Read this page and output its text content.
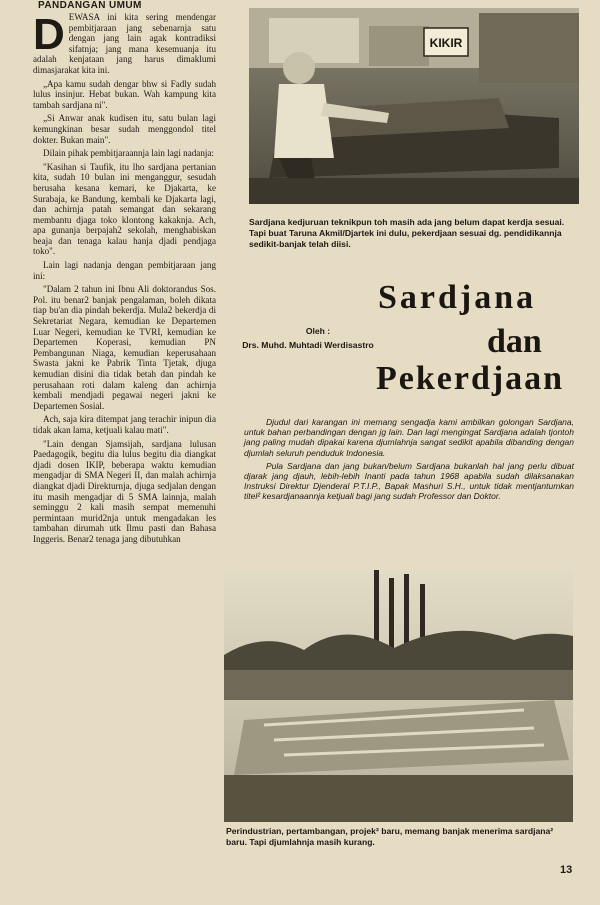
PANDANGAN UMUM
D EWASA ini kita sering mendengar pembitjaraan jang sebenarnja satu dengan jang lain agak kontradiksi sifatnja; jang mana kesemuanja itu adalah kenjataan jang harus dimaklumi dimasjarakat kita ini.

„Apa kamu sudah dengar bhw si Fadly sudah lulus insinjur. Hebat bukan. Wah kampung kita tambah sardjana ni".

„Si Anwar anak kudisen itu, satu bulan lagi kemungkinan besar sudah menggondol titel dokter. Bukan main".

Dilain pihak pembitjaraannja lain lagi nadanja:

"Kasihan si Taufik, itu lho sardjana pertanian kita, sudah 10 bulan ini menganggur, sesudah berusaha kesana kemari, ke Djakarta, ke Surabaja, ke Bandung, kembali ke Djakarta lagi, dan achirnja patah semangat dan sekarang membantu djaga toko klontong kakaknja. Ach, apa gunanja berpajah2 sekolah, menghabiskan beaja dan tenaga kalau hanja djadi pendjaga toko".

Lain lagi nadanja dengan pembitjaraan jang ini:

"Dalam 2 tahun ini Ibnu Ali doktorandus Sos. Pol. itu benar2 banjak pengalaman, boleh dikata tiap bu'an dia pindah bekerdja. Mula2 bekerdja di Sekretariat Negara, kemudian ke Departemen Luar Negeri, kemudian ke TVRI, kemudian ke Departemen Koperasi, kemudian PN Pembangunan Niaga, kemudian keperusahaan Swasta jakni ke Pabrik Tinta Tjetak, djuga kemudian disini dia tidak betah dan pindah ke perusahaan roti dalam kaleng dan achirnja kembali mendjadi pegawai negeri jakni ke Departemen Sosial.

Ach, saja kira ditempat jang terachir inipun dia tidak akan lama, ketjuali kalau mati".

"Lain dengan Sjamsijah, sardjana lulusan Paedagogik, begitu dia lulus begitu dia diangkat djadi dosen IKIP, beberapa waktu kemudian mengadjar di SMA Negeri II, dan malah achirnja diangkat djadi Direkturnja, djuga sedjalan dengan itu masih mengadjar di 5 SMA lainnja, malah seminggu 2 kali masih sempat memenuhi permintaan murid2nja untuk mengadakan les tambahan dirumah utk Ilmu pasti dan Bahasa Inggeris. Benar2 tenaga jang dibutuhkan

KIKIR
Sardjana kedjuruan teknikpun toh masih ada jang belum dapat kerdja sesuai. Tapi buat Taruna Akmil/Djartek ini dulu, pekerdjaan sesuai dg. pendidikannja sedikit-banjak telah diisi.
Sardjana
dan
Pekerdjaan
Oleh :
Drs. Muhd. Muhtadi Werdisastro

Djudul dari karangan ini memang sengadja kami ambilkan golongan Sardjana, untuk bahan perbandingan dengan jg lain. Dan lagi mengingat Sardjana adalah tjontoh jang paling mudah dipakai karena djumlahnja sangat sedikit apabila dibanding dengan djumlah seluruh penduduk Indonesia.

Pula Sardjana dan jang bukan/belum Sardjana bukanlah hal jang perlu dibuat djarak jang djauh, lebih-lebih Inanti pada tahun 1968 apabila sudah dilaksanakan Instruksi Direktur Djenderal P.T.I.P., Bapak Mashuri S.H., untuk tidak mentjantumkan titel² kesardjanaannja ketjuali bagi jang sudah Professor dan Doktor.

Perindustrian, pertambangan, projek² baru, memang banjak menerima sardjana² baru. Tapi djumlahnja masih kurang.
13
